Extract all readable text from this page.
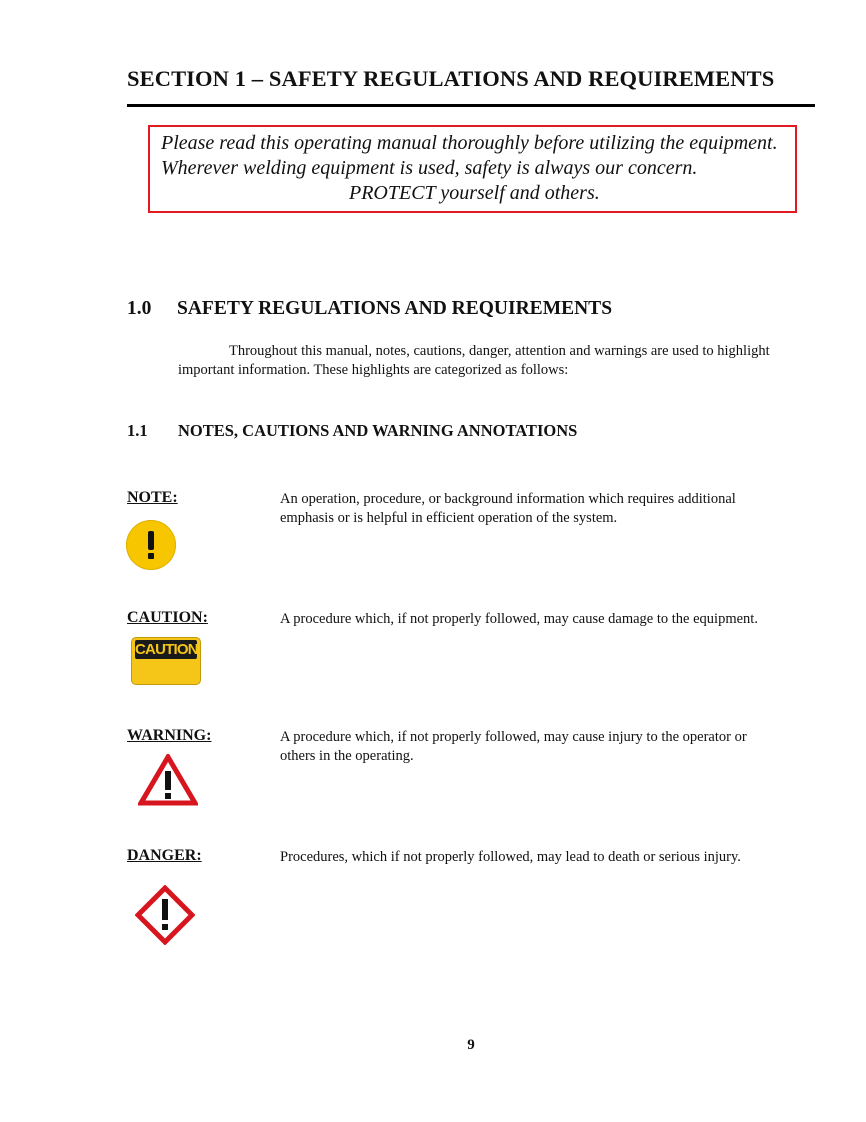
SECTION 1 – SAFETY REGULATIONS AND REQUIREMENTS
Please read this operating manual thoroughly before utilizing the equipment.
Wherever welding equipment is used, safety is always our concern.
PROTECT yourself and others.
1.0 SAFETY REGULATIONS AND REQUIREMENTS
Throughout this manual, notes, cautions, danger, attention and warnings are used to highlight
important information. These highlights are categorized as follows:
1.1 NOTES, CAUTIONS AND WARNING ANNOTATIONS
NOTE:	An operation, procedure, or background information which requires additional
emphasis or is helpful in efficient operation of the system.
CAUTION:	A procedure which, if not properly followed, may cause damage to the equipment.
CAUTION
WARNING:	A procedure which, if not properly followed, may cause injury to the operator or
others in the operating.
DANGER:	Procedures, which if not properly followed, may lead to death or serious injury.
9
